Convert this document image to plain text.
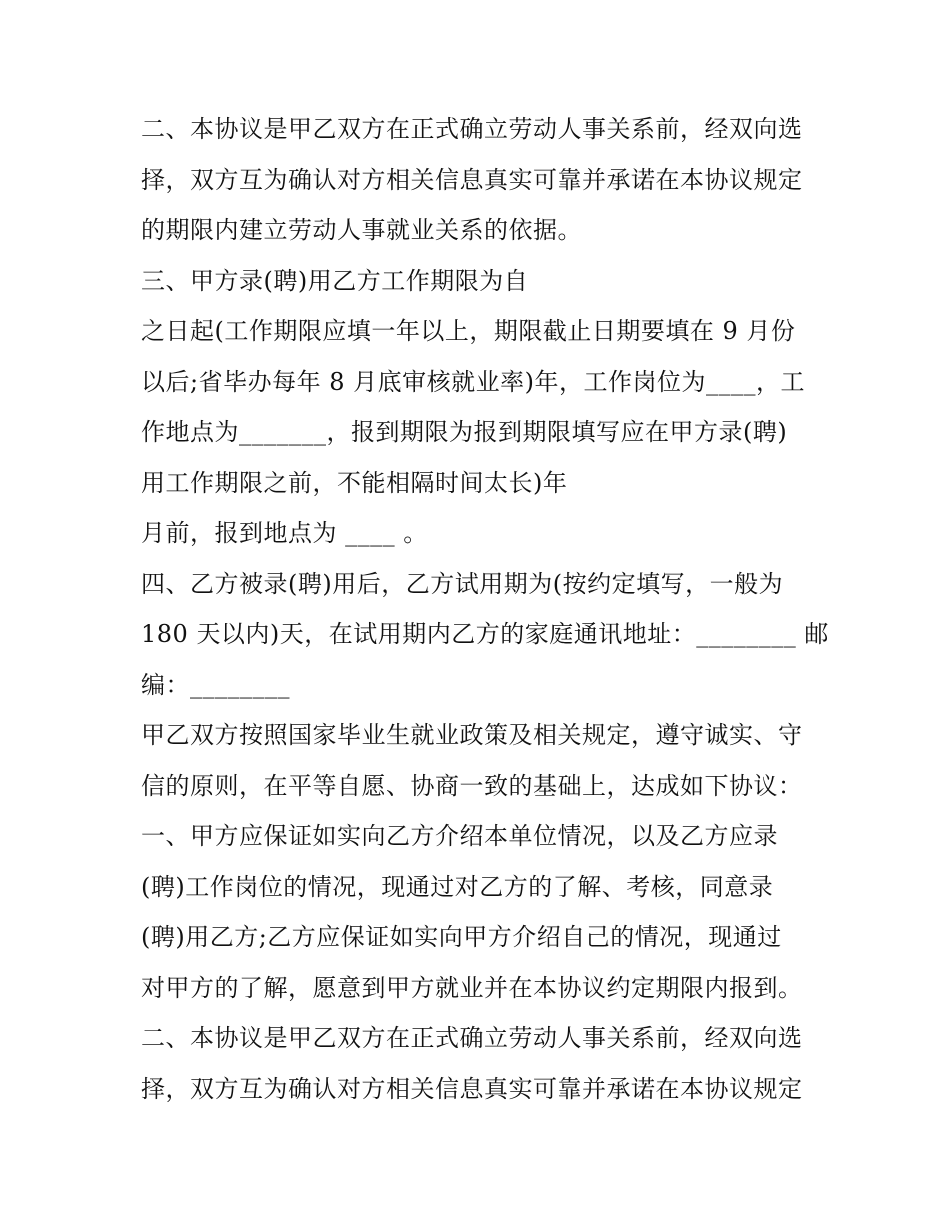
二、本协议是甲乙双方在正式确立劳动人事关系前，经双向选
择，双方互为确认对方相关信息真实可靠并承诺在本协议规定
的期限内建立劳动人事就业关系的依据。
三、甲方录(聘)用乙方工作期限为自
之日起(工作期限应填一年以上，期限截止日期要填在 9 月份
以后;省毕办每年 8 月底审核就业率)年，工作岗位为____，工
作地点为_______，报到期限为报到期限填写应在甲方录(聘)
用工作期限之前，不能相隔时间太长)年
月前，报到地点为 ____ 。
四、乙方被录(聘)用后，乙方试用期为(按约定填写，一般为
180 天以内)天，在试用期内乙方的家庭通讯地址：________ 邮
编：________
甲乙双方按照国家毕业生就业政策及相关规定，遵守诚实、守
信的原则，在平等自愿、协商一致的基础上，达成如下协议：
一、甲方应保证如实向乙方介绍本单位情况，以及乙方应录
(聘)工作岗位的情况，现通过对乙方的了解、考核，同意录
(聘)用乙方;乙方应保证如实向甲方介绍自己的情况，现通过
对甲方的了解，愿意到甲方就业并在本协议约定期限内报到。
二、本协议是甲乙双方在正式确立劳动人事关系前，经双向选
择，双方互为确认对方相关信息真实可靠并承诺在本协议规定
